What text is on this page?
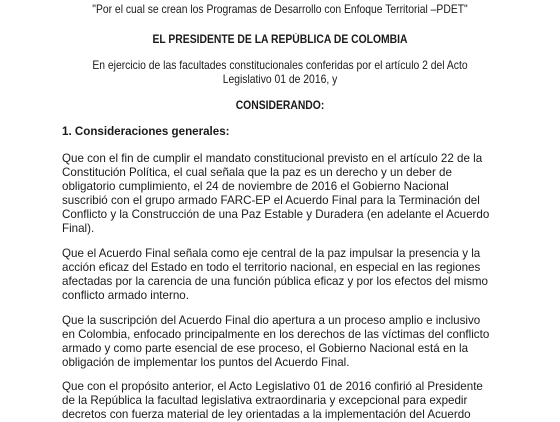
"Por el cual se crean los Programas de Desarrollo con Enfoque Territorial –PDET"
EL PRESIDENTE DE LA REPÚBLICA DE COLOMBIA
En ejercicio de las facultades constitucionales conferidas por el artículo 2 del Acto
Legislativo 01 de 2016, y
CONSIDERANDO:
1. Consideraciones generales:
Que con el fin de cumplir el mandato constitucional previsto en el artículo 22 de la
Constitución Política, el cual señala que la paz es un derecho y un deber de
obligatorio cumplimiento, el 24 de noviembre de 2016 el Gobierno Nacional
suscribió con el grupo armado FARC-EP el Acuerdo Final para la Terminación del
Conflicto y la Construcción de una Paz Estable y Duradera (en adelante el Acuerdo
Final).
Que el Acuerdo Final señala como eje central de la paz impulsar la presencia y la
acción eficaz del Estado en todo el territorio nacional, en especial en las regiones
afectadas por la carencia de una función pública eficaz y por los efectos del mismo
conflicto armado interno.
Que la suscripción del Acuerdo Final dio apertura a un proceso amplio e inclusivo
en Colombia, enfocado principalmente en los derechos de las víctimas del conflicto
armado y como parte esencial de ese proceso, el Gobierno Nacional está en la
obligación de implementar los puntos del Acuerdo Final.
Que con el propósito anterior, el Acto Legislativo 01 de 2016 confirió al Presidente
de la República la facultad legislativa extraordinaria y excepcional para expedir
decretos con fuerza material de ley orientadas a la implementación del Acuerdo
